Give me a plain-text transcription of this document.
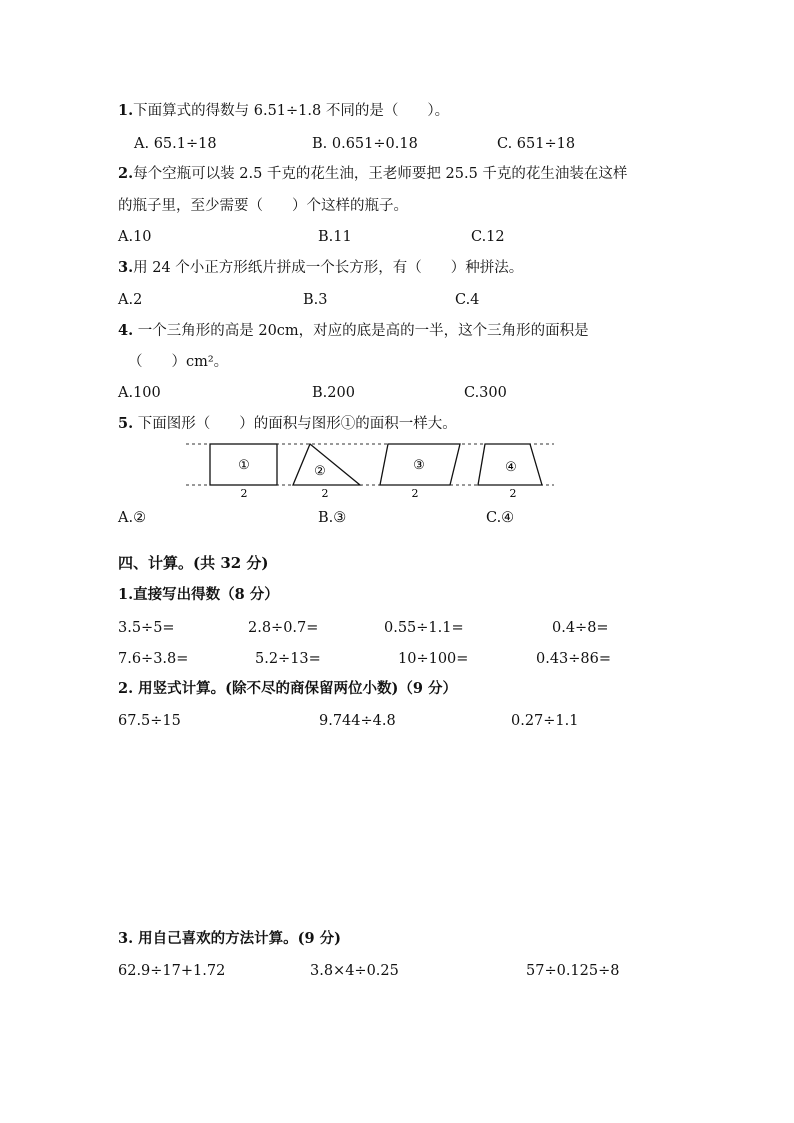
1.下面算式的得数与 6.51÷1.8 不同的是（　　）。
A. 65.1÷18	B. 0.651÷0.18	C. 651÷18
2.每个空瓶可以装 2.5 千克的花生油，王老师要把 25.5 千克的花生油装在这样
的瓶子里，至少需要（　　）个这样的瓶子。
A.10	B.11	C.12
3.用 24 个小正方形纸片拼成一个长方形，有（　　）种拼法。
A.2	B.3	C.4
4. 一个三角形的高是 20cm，对应的底是高的一半，这个三角形的面积是
（　　）cm²。
A.100	B.200	C.300
5. 下面图形（　　）的面积与图形①的面积一样大。
①	②	③	④
2	2	2	2
A.②	B.③	C.④
四、计算。(共 32 分)
1.直接写出得数（8 分）
3.5÷5=	2.8÷0.7=	0.55÷1.1=	0.4÷8=
7.6÷3.8=	5.2÷13=	10÷100=	0.43÷86=
2. 用竖式计算。(除不尽的商保留两位小数)（9 分）
67.5÷15	9.744÷4.8	0.27÷1.1
3. 用自己喜欢的方法计算。(9 分)
62.9÷17+1.72	3.8×4÷0.25	57÷0.125÷8
